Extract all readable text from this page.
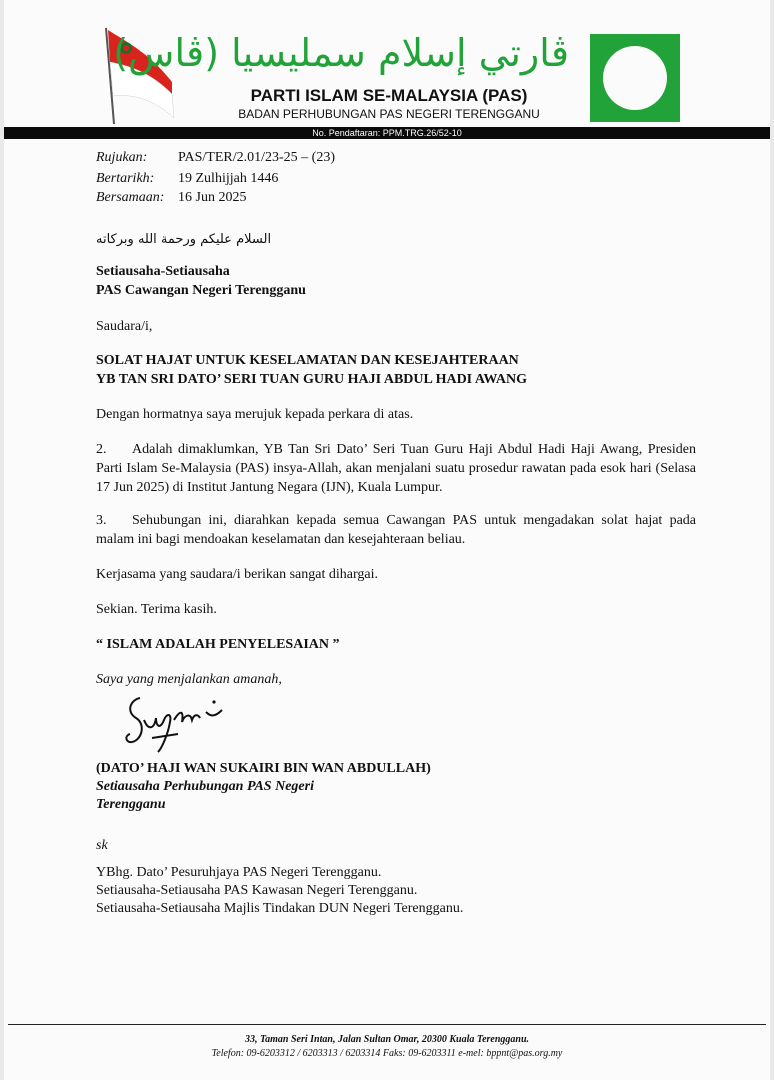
ڤارتي إسلام سمليسيا (ڤاس)
PARTI ISLAM SE-MALAYSIA (PAS)
BADAN PERHUBUNGAN PAS NEGERI TERENGGANU
No. Pendaftaran: PPM.TRG.26/52-10
Rujukan: PAS/TER/2.01/23-25 – (23)
Bertarikh: 19 Zulhijjah 1446
Bersamaan: 16 Jun 2025
السلام عليكم ورحمة الله وبركاته
Setiausaha-Setiausaha
PAS Cawangan Negeri Terengganu
Saudara/i,
SOLAT HAJAT UNTUK KESELAMATAN DAN KESEJAHTERAAN
YB TAN SRI DATO’ SERI TUAN GURU HAJI ABDUL HADI AWANG
Dengan hormatnya saya merujuk kepada perkara di atas.
2. Adalah dimaklumkan, YB Tan Sri Dato’ Seri Tuan Guru Haji Abdul Hadi Haji Awang, Presiden Parti Islam Se-Malaysia (PAS) insya-Allah, akan menjalani suatu prosedur rawatan pada esok hari (Selasa 17 Jun 2025) di Institut Jantung Negara (IJN), Kuala Lumpur.
3. Sehubungan ini, diarahkan kepada semua Cawangan PAS untuk mengadakan solat hajat pada malam ini bagi mendoakan keselamatan dan kesejahteraan beliau.
Kerjasama yang saudara/i berikan sangat dihargai.
Sekian. Terima kasih.
“ ISLAM ADALAH PENYELESAIAN ”
Saya yang menjalankan amanah,
(DATO’ HAJI WAN SUKAIRI BIN WAN ABDULLAH)
Setiausaha Perhubungan PAS Negeri
Terengganu
sk
YBhg. Dato’ Pesuruhjaya PAS Negeri Terengganu.
Setiausaha-Setiausaha PAS Kawasan Negeri Terengganu.
Setiausaha-Setiausaha Majlis Tindakan DUN Negeri Terengganu.
33, Taman Seri Intan, Jalan Sultan Omar, 20300 Kuala Terengganu.
Telefon: 09-6203312 / 6203313 / 6203314 Faks: 09-6203311 e-mel: bppnt@pas.org.my
